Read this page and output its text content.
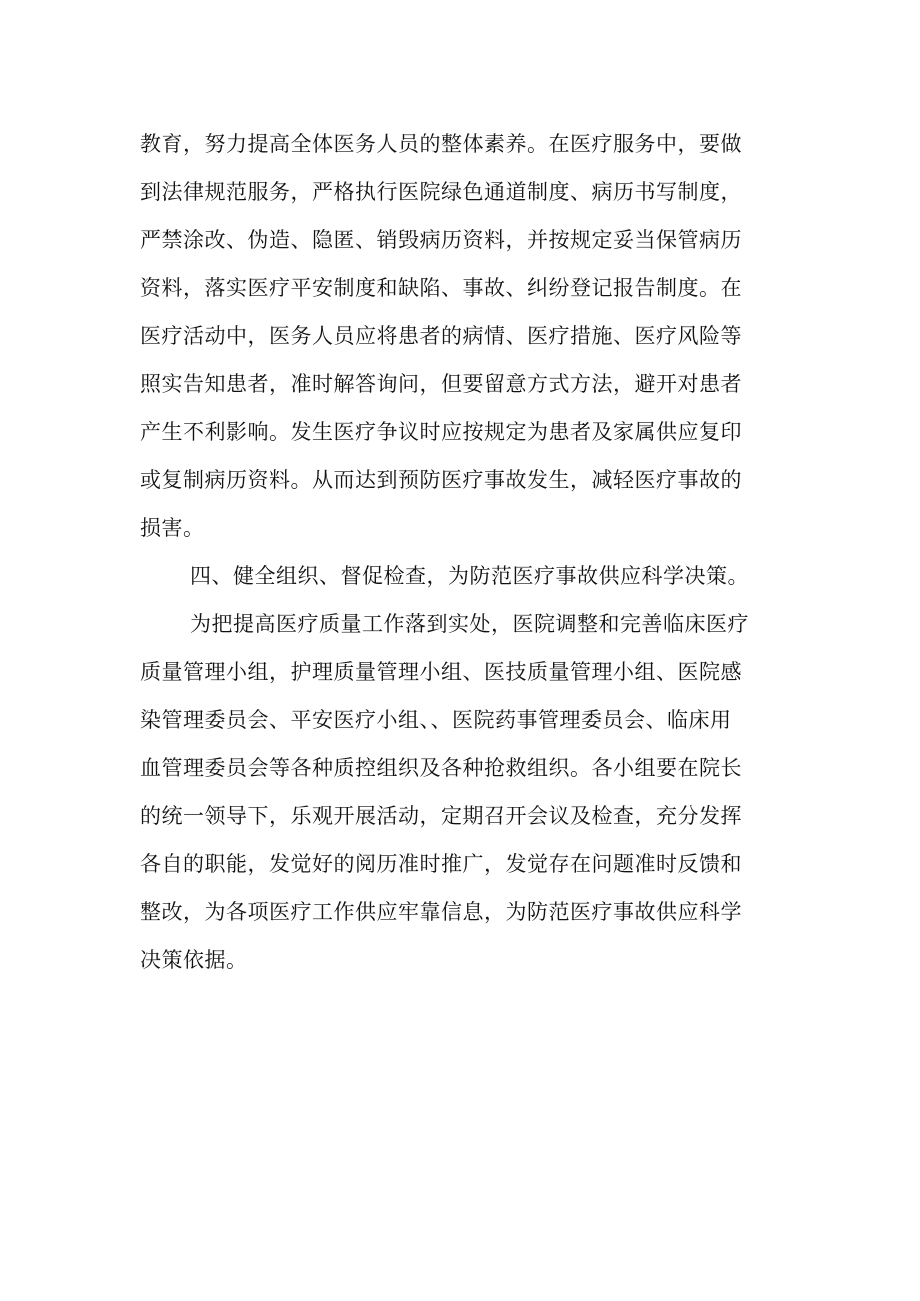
教育，努力提高全体医务人员的整体素养。在医疗服务中，要做
到法律规范服务，严格执行医院绿色通道制度、病历书写制度，
严禁涂改、伪造、隐匿、销毁病历资料，并按规定妥当保管病历
资料，落实医疗平安制度和缺陷、事故、纠纷登记报告制度。在
医疗活动中，医务人员应将患者的病情、医疗措施、医疗风险等
照实告知患者，准时解答询问，但要留意方式方法，避开对患者
产生不利影响。发生医疗争议时应按规定为患者及家属供应复印
或复制病历资料。从而达到预防医疗事故发生，减轻医疗事故的
损害。
四、健全组织、督促检查，为防范医疗事故供应科学决策。
为把提高医疗质量工作落到实处，医院调整和完善临床医疗
质量管理小组，护理质量管理小组、医技质量管理小组、医院感
染管理委员会、平安医疗小组、、医院药事管理委员会、临床用
血管理委员会等各种质控组织及各种抢救组织。各小组要在院长
的统一领导下，乐观开展活动，定期召开会议及检查，充分发挥
各自的职能，发觉好的阅历准时推广，发觉存在问题准时反馈和
整改，为各项医疗工作供应牢靠信息，为防范医疗事故供应科学
决策依据。
